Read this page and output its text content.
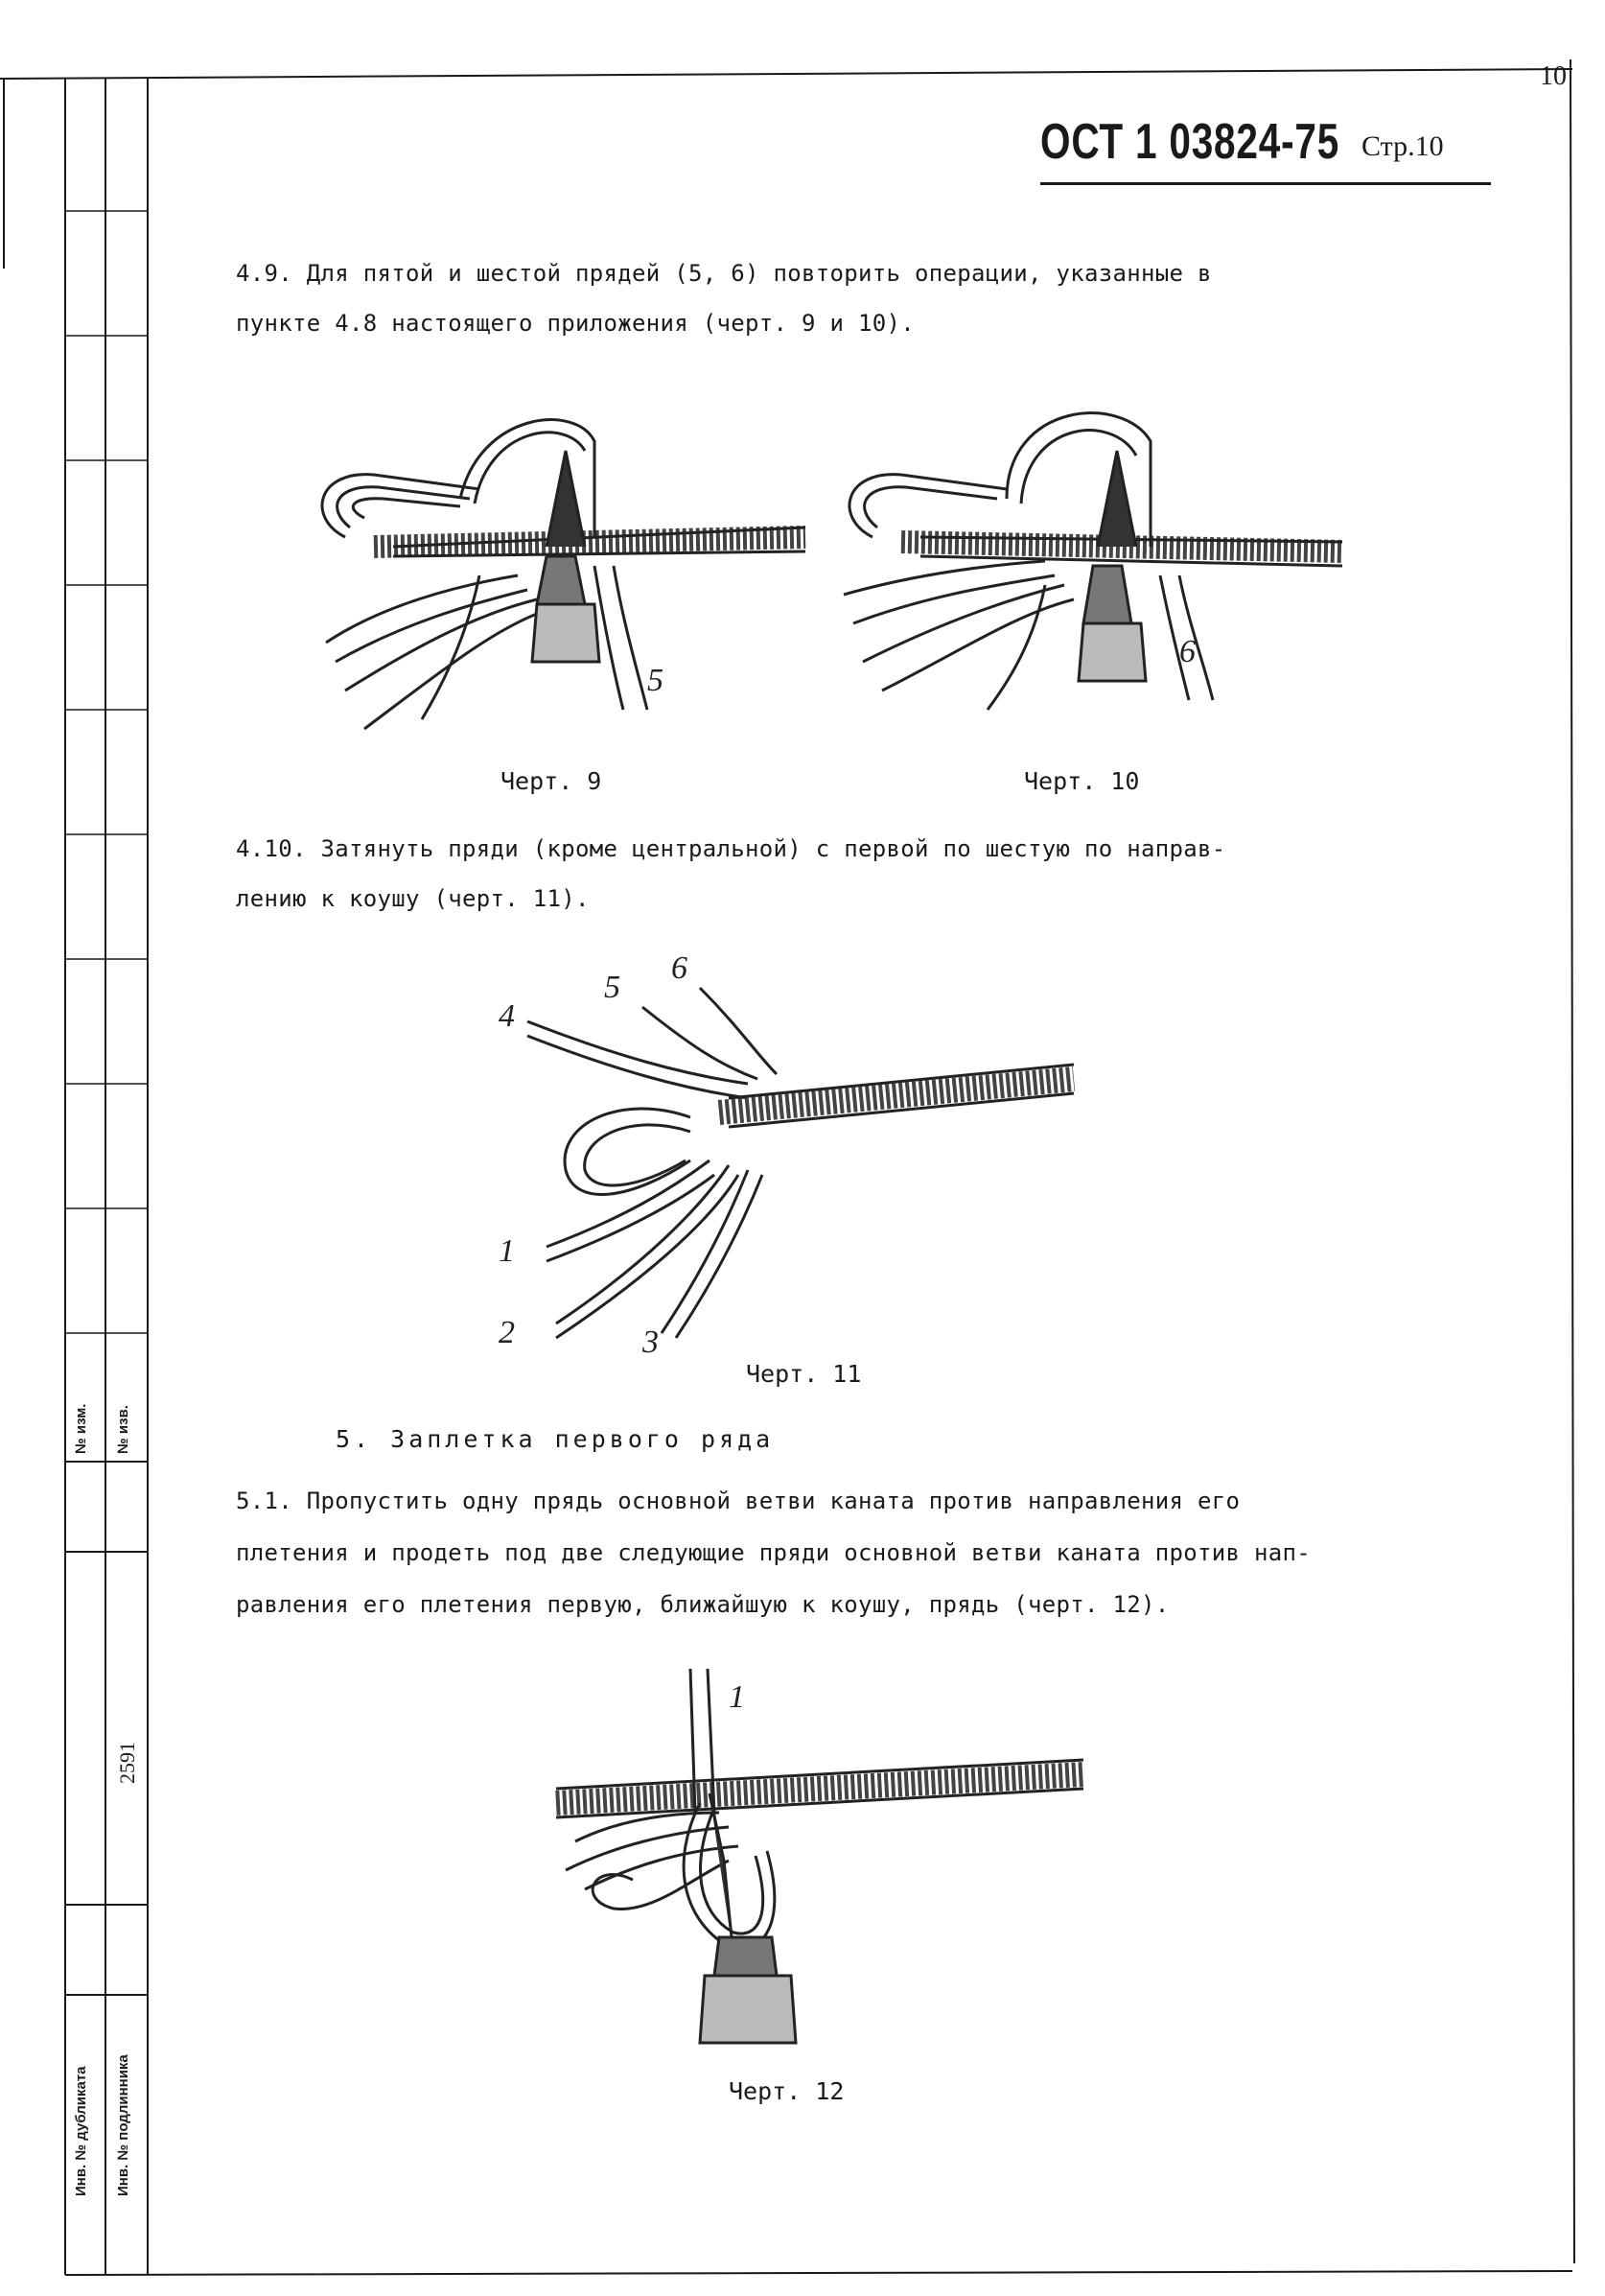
№ изм. № изв.
2591
Инв. № дубликата Инв. № подлинника
10
ОСТ 1 03824-75 Стр.10
4.9. Для пятой и шестой прядей (5, 6) повторить операции, указанные в
пункте 4.8 настоящего приложения (черт. 9 и 10).
5
Черт. 9
6
Черт. 10
4.10. Затянуть пряди (кроме центральной) с первой по шестую по направ-
лению к коушу (черт. 11).
1
2	3
4
5
6
Черт. 11
5. Заплетка первого ряда
5.1. Пропустить одну прядь основной ветви каната против направления его
плетения и продеть под две следующие пряди основной ветви каната против нап-
равления его плетения первую, ближайшую к коушу, прядь (черт. 12).
1
Черт. 12
